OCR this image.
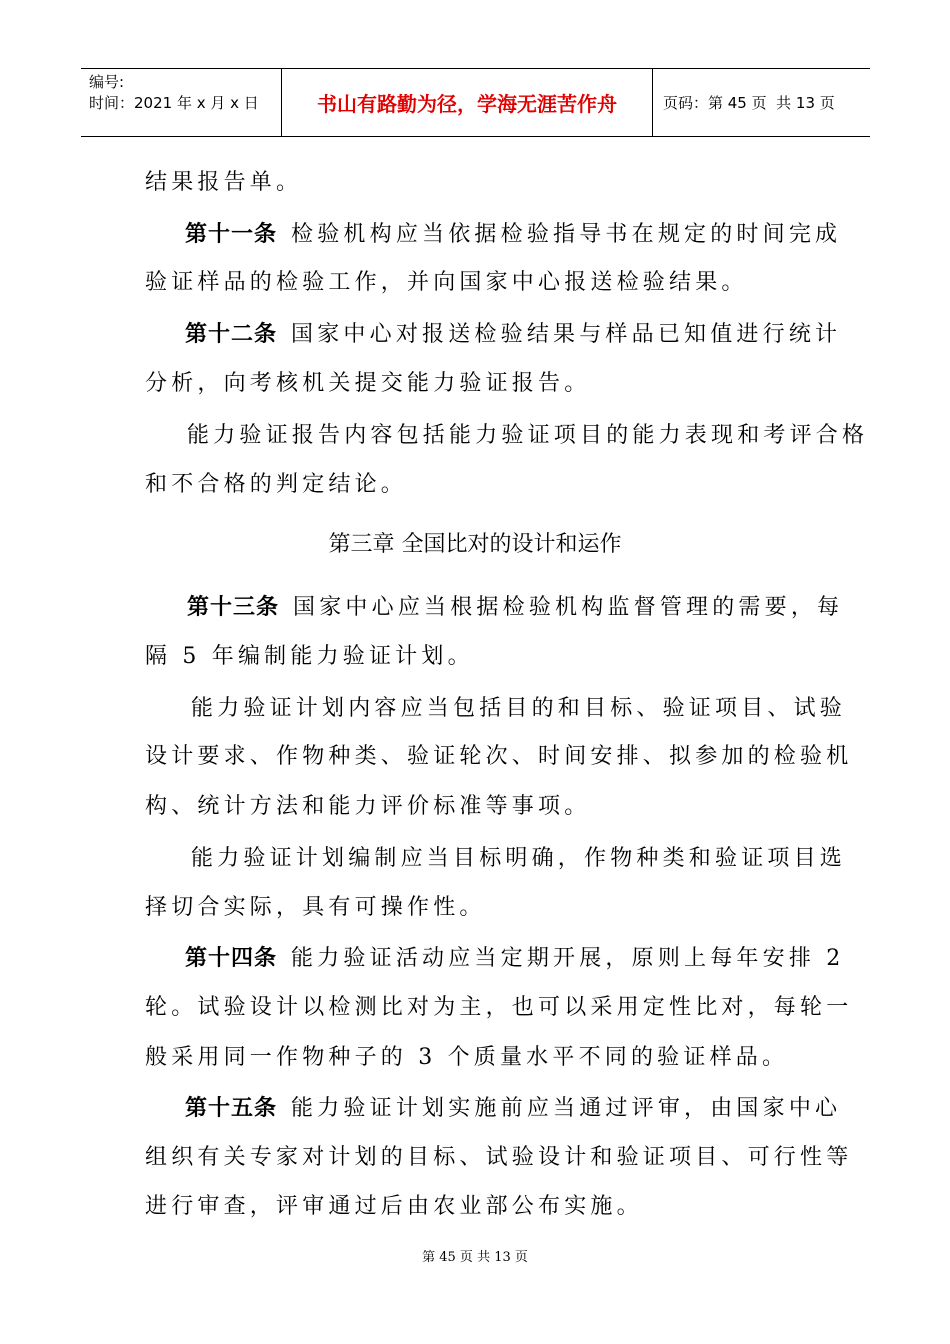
编号:
时间：2021 年 x 月 x 日	书山有路勤为径，学海无涯苦作舟	页码：第 45 页  共 13 页
结果报告单。
第十一条 检验机构应当依据检验指导书在规定的时间完成
验证样品的检验工作，并向国家中心报送检验结果。
第十二条 国家中心对报送检验结果与样品已知值进行统计
分析，向考核机关提交能力验证报告。
能力验证报告内容包括能力验证项目的能力表现和考评合格
和不合格的判定结论。
第三章 全国比对的设计和运作
第十三条 国家中心应当根据检验机构监督管理的需要，每
隔 5 年编制能力验证计划。
能力验证计划内容应当包括目的和目标、验证项目、试验
设计要求、作物种类、验证轮次、时间安排、拟参加的检验机
构、统计方法和能力评价标准等事项。
能力验证计划编制应当目标明确，作物种类和验证项目选
择切合实际，具有可操作性。
第十四条 能力验证活动应当定期开展，原则上每年安排 2
轮。试验设计以检测比对为主，也可以采用定性比对，每轮一
般采用同一作物种子的 3 个质量水平不同的验证样品。
第十五条 能力验证计划实施前应当通过评审，由国家中心
组织有关专家对计划的目标、试验设计和验证项目、可行性等
进行审查，评审通过后由农业部公布实施。
第 45 页 共 13 页
